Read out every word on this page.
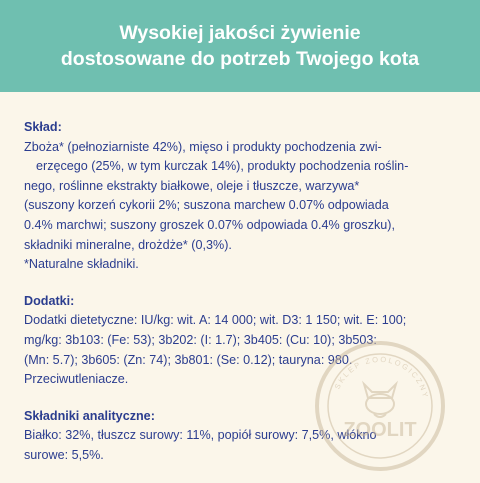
Wysokiej jakości żywienie
dostosowane do potrzeb Twojego kota

Skład:

Zboża* (pełnoziarniste 42%), mięso i produkty pochodzenia zwi-

erzęcego (25%, w tym kurczak 14%), produkty pochodzenia roślin-

nego, roślinne ekstrakty białkowe, oleje i tłuszcze, warzywa*

(suszony korzeń cykorii 2%; suszona marchew 0.07% odpowiada

0.4% marchwi; suszony groszek 0.07% odpowiada 0.4% groszku),

składniki mineralne, drożdże* (0,3%).

*Naturalne składniki.

Dodatki:

Dodatki dietetyczne: IU/kg: wit. A: 14 000; wit. D3: 1 150; wit. E: 100;

mg/kg: 3b103: (Fe: 53); 3b202: (I: 1.7); 3b405: (Cu: 10); 3b503:

(Mn: 5.7); 3b605: (Zn: 74); 3b801: (Se: 0.12); tauryna: 980.

Przeciwutleniacze.

Składniki analityczne:

Białko: 32%, tłuszcz surowy: 11%, popiół surowy: 7,5%, włókno

surowe: 5,5%.

SKLEP ZOOLOGICZNY
ZOOLIT
